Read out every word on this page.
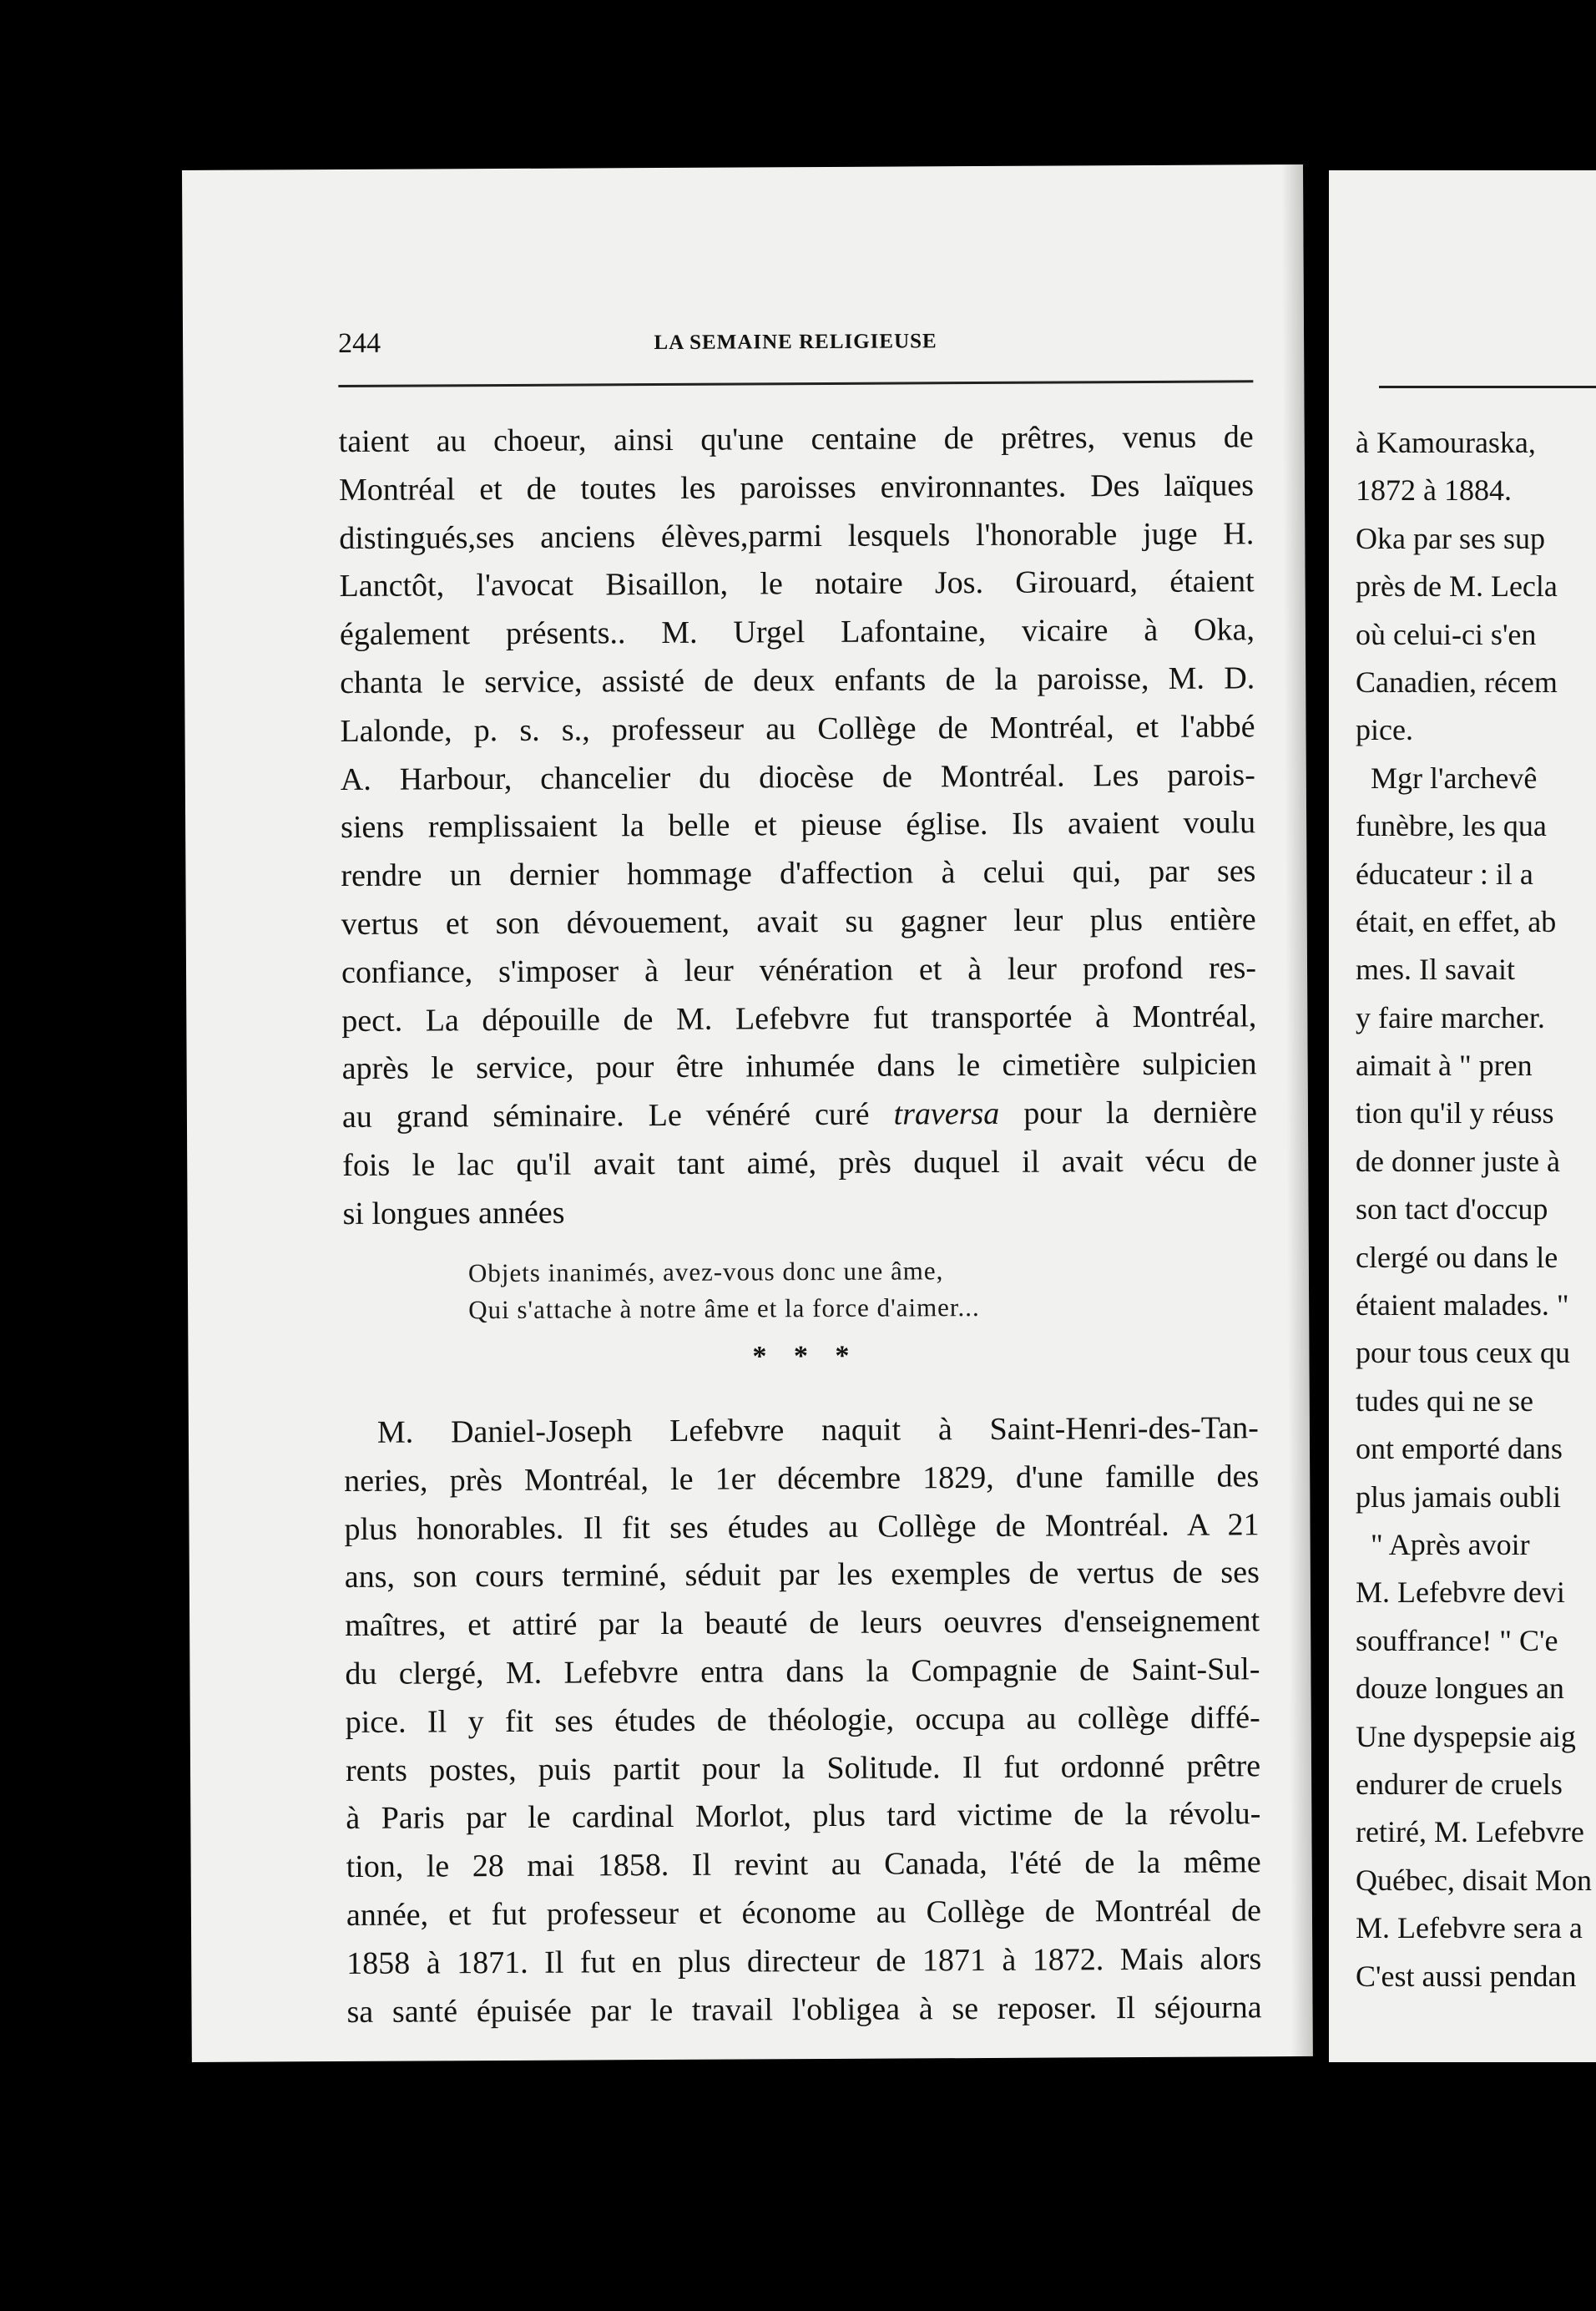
244	LA SEMAINE RELIGIEUSE
taient au choeur, ainsi qu'une centaine de prêtres, venus de
Montréal et de toutes les paroisses environnantes. Des laïques
distingués,ses anciens élèves,parmi lesquels l'honorable juge H.
Lanctôt, l'avocat Bisaillon, le notaire Jos. Girouard, étaient
également présents.. M. Urgel Lafontaine, vicaire à Oka,
chanta le service, assisté de deux enfants de la paroisse, M. D.
Lalonde, p. s. s., professeur au Collège de Montréal, et l'abbé
A. Harbour, chancelier du diocèse de Montréal. Les parois-
siens remplissaient la belle et pieuse église. Ils avaient voulu
rendre un dernier hommage d'affection à celui qui, par ses
vertus et son dévouement, avait su gagner leur plus entière
confiance, s'imposer à leur vénération et à leur profond res-
pect. La dépouille de M. Lefebvre fut transportée à Montréal,
après le service, pour être inhumée dans le cimetière sulpicien
au grand séminaire. Le vénéré curé traversa pour la dernière
fois le lac qu'il avait tant aimé, près duquel il avait vécu de
si longues années
Objets inanimés, avez-vous donc une âme,
Qui s'attache à notre âme et la force d'aimer...
* * *
M. Daniel-Joseph Lefebvre naquit à Saint-Henri-des-Tan-
neries, près Montréal, le 1er décembre 1829, d'une famille des
plus honorables. Il fit ses études au Collège de Montréal. A 21
ans, son cours terminé, séduit par les exemples de vertus de ses
maîtres, et attiré par la beauté de leurs oeuvres d'enseignement
du clergé, M. Lefebvre entra dans la Compagnie de Saint-Sul-
pice. Il y fit ses études de théologie, occupa au collège diffé-
rents postes, puis partit pour la Solitude. Il fut ordonné prêtre
à Paris par le cardinal Morlot, plus tard victime de la révolu-
tion, le 28 mai 1858. Il revint au Canada, l'été de la même
année, et fut professeur et économe au Collège de Montréal de
1858 à 1871. Il fut en plus directeur de 1871 à 1872. Mais alors
sa santé épuisée par le travail l'obligea à se reposer. Il séjourna
à Kamouraska,
1872 à 1884.
Oka par ses sup
près de M. Lecla
où celui-ci s'en
Canadien, récem
pice.
Mgr l'archevê
funèbre, les qua
éducateur : il a
était, en effet, ab
mes. Il savait
y faire marcher.
aimait à " pren
tion qu'il y réuss
de donner juste à
son tact d'occup
clergé ou dans le
étaient malades. "
pour tous ceux qu
tudes qui ne se
ont emporté dans
plus jamais oubli
" Après avoir
M. Lefebvre devi
souffrance! " C'e
douze longues an
Une dyspepsie aig
endurer de cruels
retiré, M. Lefebvre
Québec, disait Mon
M. Lefebvre sera a
C'est aussi pendan
